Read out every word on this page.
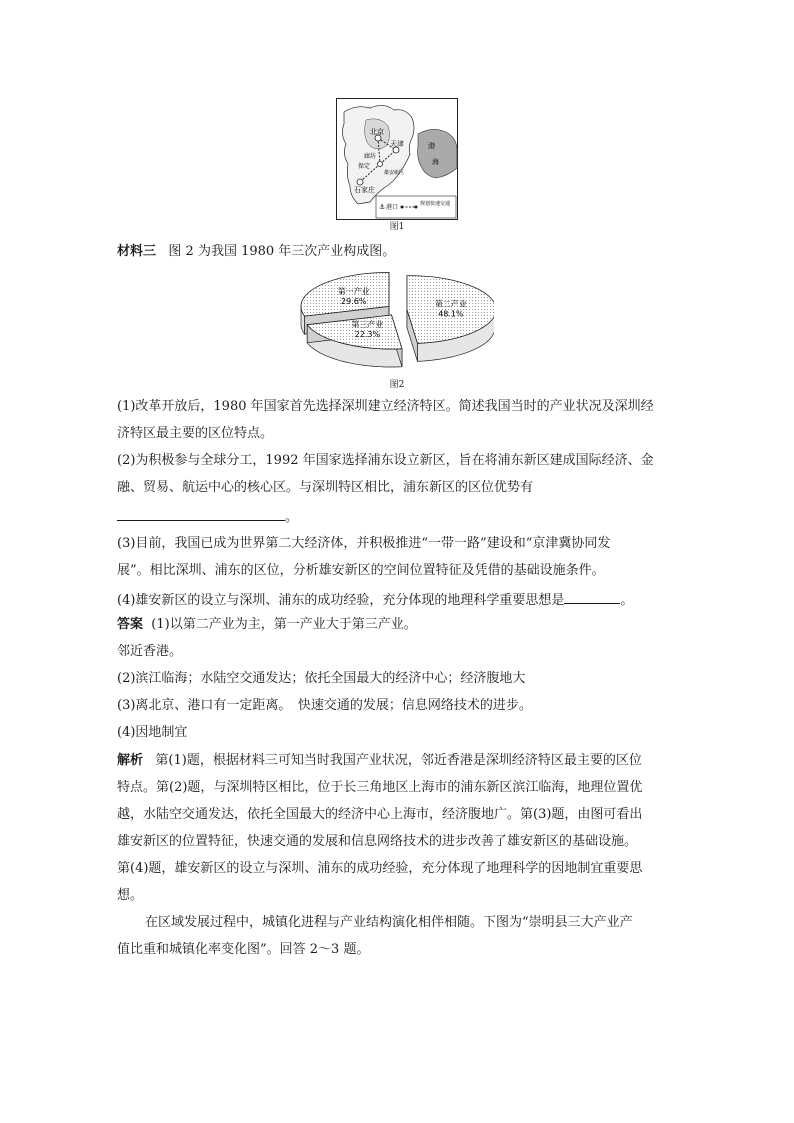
北京
天津
廊坊
雄安新区
保定
石家庄
渤
海
⚓ 港口	规划快速交通
图1
材料三 图 2 为我国 1980 年三次产业构成图。
第一产业
29.6%	第二产业
48.1%
第三产业
22.3%
图2
(1)改革开放后，1980 年国家首先选择深圳建立经济特区。简述我国当时的产业状况及深圳经
济特区最主要的区位特点。
(2)为积极参与全球分工，1992 年国家选择浦东设立新区，旨在将浦东新区建成国际经济、金
融、贸易、航运中心的核心区。与深圳特区相比，浦东新区的区位优势有
。
(3)目前，我国已成为世界第二大经济体，并积极推进“一带一路”建设和“京津冀协同发
展”。相比深圳、浦东的区位，分析雄安新区的空间位置特征及凭借的基础设施条件。
(4)雄安新区的设立与深圳、浦东的成功经验，充分体现的地理科学重要思想是	。
答案 (1)以第二产业为主，第一产业大于第三产业。
邻近香港。
(2)滨江临海；水陆空交通发达；依托全国最大的经济中心；经济腹地大
(3)离北京、港口有一定距离。　快速交通的发展；信息网络技术的进步。
(4)因地制宜
解析 第(1)题，根据材料三可知当时我国产业状况，邻近香港是深圳经济特区最主要的区位
特点。第(2)题，与深圳特区相比，位于长三角地区上海市的浦东新区滨江临海，地理位置优
越，水陆空交通发达，依托全国最大的经济中心上海市，经济腹地广。第(3)题，由图可看出
雄安新区的位置特征，快速交通的发展和信息网络技术的进步改善了雄安新区的基础设施。
第(4)题，雄安新区的设立与深圳、浦东的成功经验，充分体现了地理科学的因地制宜重要思
想。
在区域发展过程中，城镇化进程与产业结构演化相伴相随。下图为“崇明县三大产业产
值比重和城镇化率变化图”。回答 2～3 题。
